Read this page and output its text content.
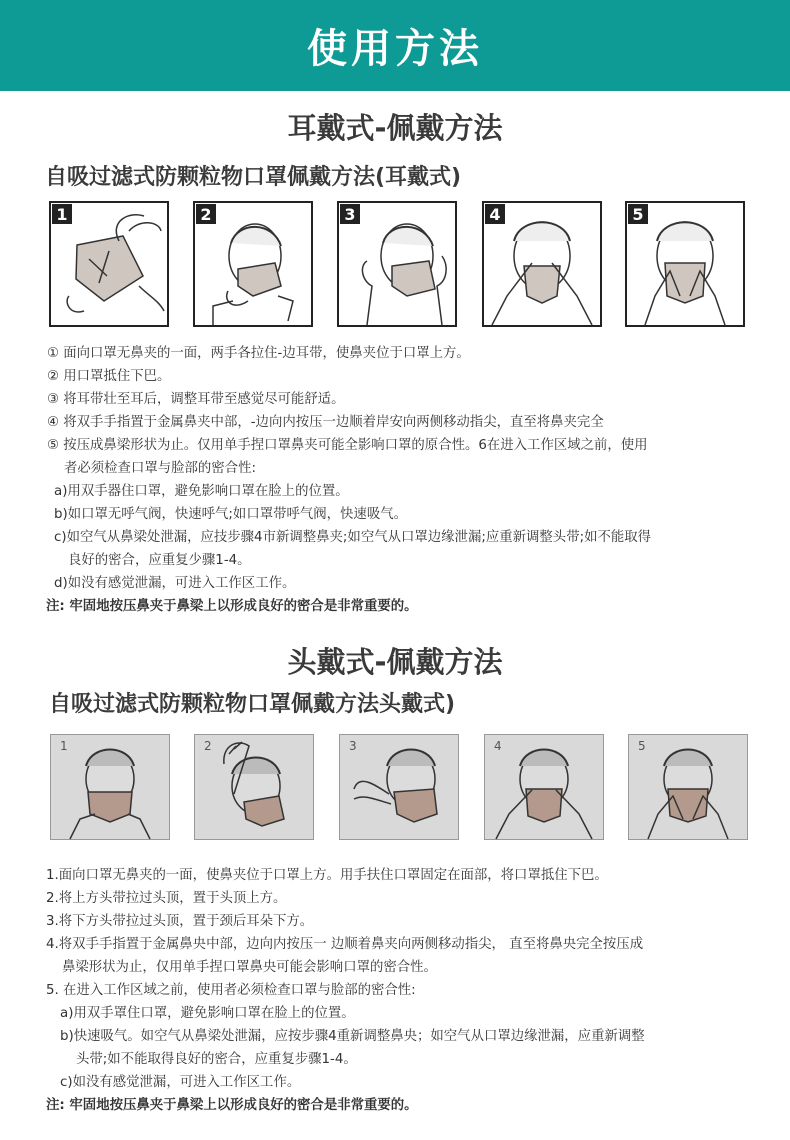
使用方法
耳戴式-佩戴方法
自吸过滤式防颗粒物口罩佩戴方法(耳戴式)
1	2	3	4	5
① 面向口罩无鼻夹的一面，两手各拉住-边耳带，使鼻夹位于口罩上方。
② 用口罩抵住下巴。
③ 将耳带壮至耳后，调整耳带至感觉尽可能舒适。
④ 将双手手指置于金属鼻夹中部，-边向内按压一边顺着岸安向两侧移动指尖，直至将鼻夹完全
⑤ 按压成鼻梁形状为止。仅用单手捏口罩鼻夹可能全影响口罩的原合性。6在进入工作区域之前，使用
者必须检查口罩与脸部的密合性:
a)用双手器住口罩，避免影响口罩在脸上的位置。
b)如口罩无呼气阀，快速呼气;如口罩带呼气阀，快速吸气。
c)如空气从鼻梁处泄漏，应技步骤4市新调整鼻夹;如空气从口罩边缘泄漏;应重新调整头带;如不能取得
良好的密合，应重复少骤1-4。
d)如没有感觉泄漏，可进入工作区工作。
注: 牢固地按压鼻夹于鼻梁上以形成良好的密合是非常重要的。
头戴式-佩戴方法
自吸过滤式防颗粒物口罩佩戴方法头戴式)
1	2	3	4	5
1.面向口罩无鼻夹的一面，使鼻夹位于口罩上方。用手扶住口罩固定在面部，将口罩抵住下巴。
2.将上方头带拉过头顶，置于头顶上方。
3.将下方头带拉过头顶，置于颈后耳朵下方。
4.将双手手指置于金属鼻央中部，边向内按压一 边顺着鼻夹向两侧移动指尖， 直至将鼻央完全按压成
鼻梁形状为止，仅用单手捏口罩鼻央可能会影响口罩的密合性。
5. 在进入工作区域之前，使用者必须检查口罩与脸部的密合性:
a)用双手罩住口罩，避免影响口罩在脸上的位置。
b)快速吸气。如空气从鼻梁处泄漏，应按步骤4重新调整鼻央；如空气从口罩边缘泄漏，应重新调整
头带;如不能取得良好的密合，应重复步骤1-4。
c)如没有感觉泄漏，可进入工作区工作。
注: 牢固地按压鼻夹于鼻梁上以形成良好的密合是非常重要的。
